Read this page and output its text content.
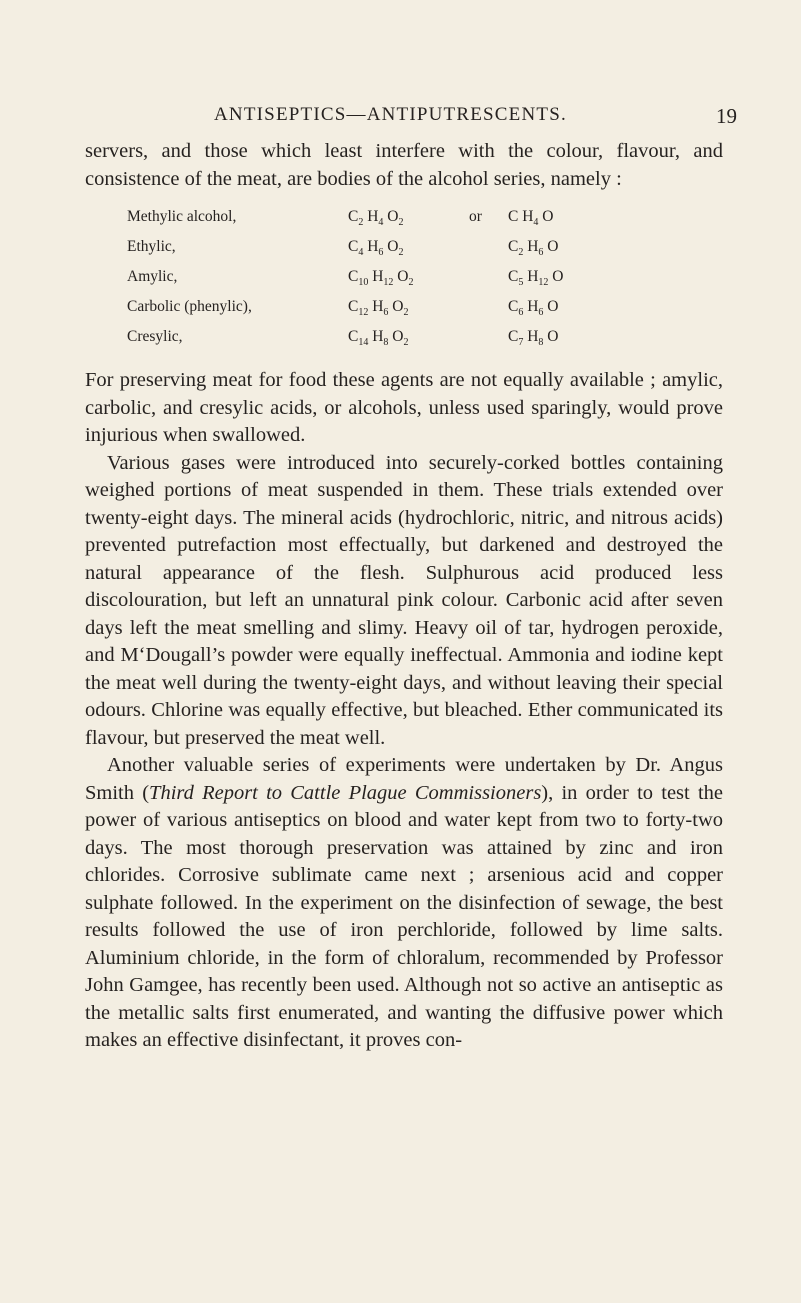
ANTISEPTICS—ANTIPUTRESCENTS.	19

servers, and those which least interfere with the colour, flavour, and consistence of the meat, are bodies of the alcohol series, namely :

Methylic alcohol,	$C_2$ $H_4$ $O_2$	or	C $H_4$ O
Ethylic,	$C_4$ $H_6$ $O_2$		$C_2$ $H_6$ O
Amylic,	$C_{10}$ $H_{12}$ $O_2$		$C_5$ $H_{12}$ O
Carbolic (phenylic),	$C_{12}$ $H_6$ $O_2$		$C_6$ $H_6$ O
Cresylic,	$C_{14}$ $H_8$ $O_2$		$C_7$ $H_8$ O

For preserving meat for food these agents are not equally available ; amylic, carbolic, and cresylic acids, or alcohols, unless used sparingly, would prove injurious when swallowed.

Various gases were introduced into securely-corked bottles containing weighed portions of meat suspended in them. These trials extended over twenty-eight days. The mineral acids (hydrochloric, nitric, and nitrous acids) prevented putrefaction most effectually, but darkened and destroyed the natural appearance of the flesh. Sulphurous acid produced less discolouration, but left an unnatural pink colour. Carbonic acid after seven days left the meat smelling and slimy. Heavy oil of tar, hydrogen peroxide, and M‘Dougall’s powder were equally ineffectual. Ammonia and iodine kept the meat well during the twenty-eight days, and without leaving their special odours. Chlorine was equally effective, but bleached. Ether communicated its flavour, but preserved the meat well.

Another valuable series of experiments were undertaken by Dr. Angus Smith (Third Report to Cattle Plague Commissioners), in order to test the power of various antiseptics on blood and water kept from two to forty-two days. The most thorough preservation was attained by zinc and iron chlorides. Corrosive sublimate came next ; arsenious acid and copper sulphate followed. In the experiment on the disinfection of sewage, the best results followed the use of iron perchloride, followed by lime salts. Aluminium chloride, in the form of chloralum, recommended by Professor John Gamgee, has recently been used. Although not so active an antiseptic as the metallic salts first enumerated, and wanting the diffusive power which makes an effective disinfectant, it proves con-
